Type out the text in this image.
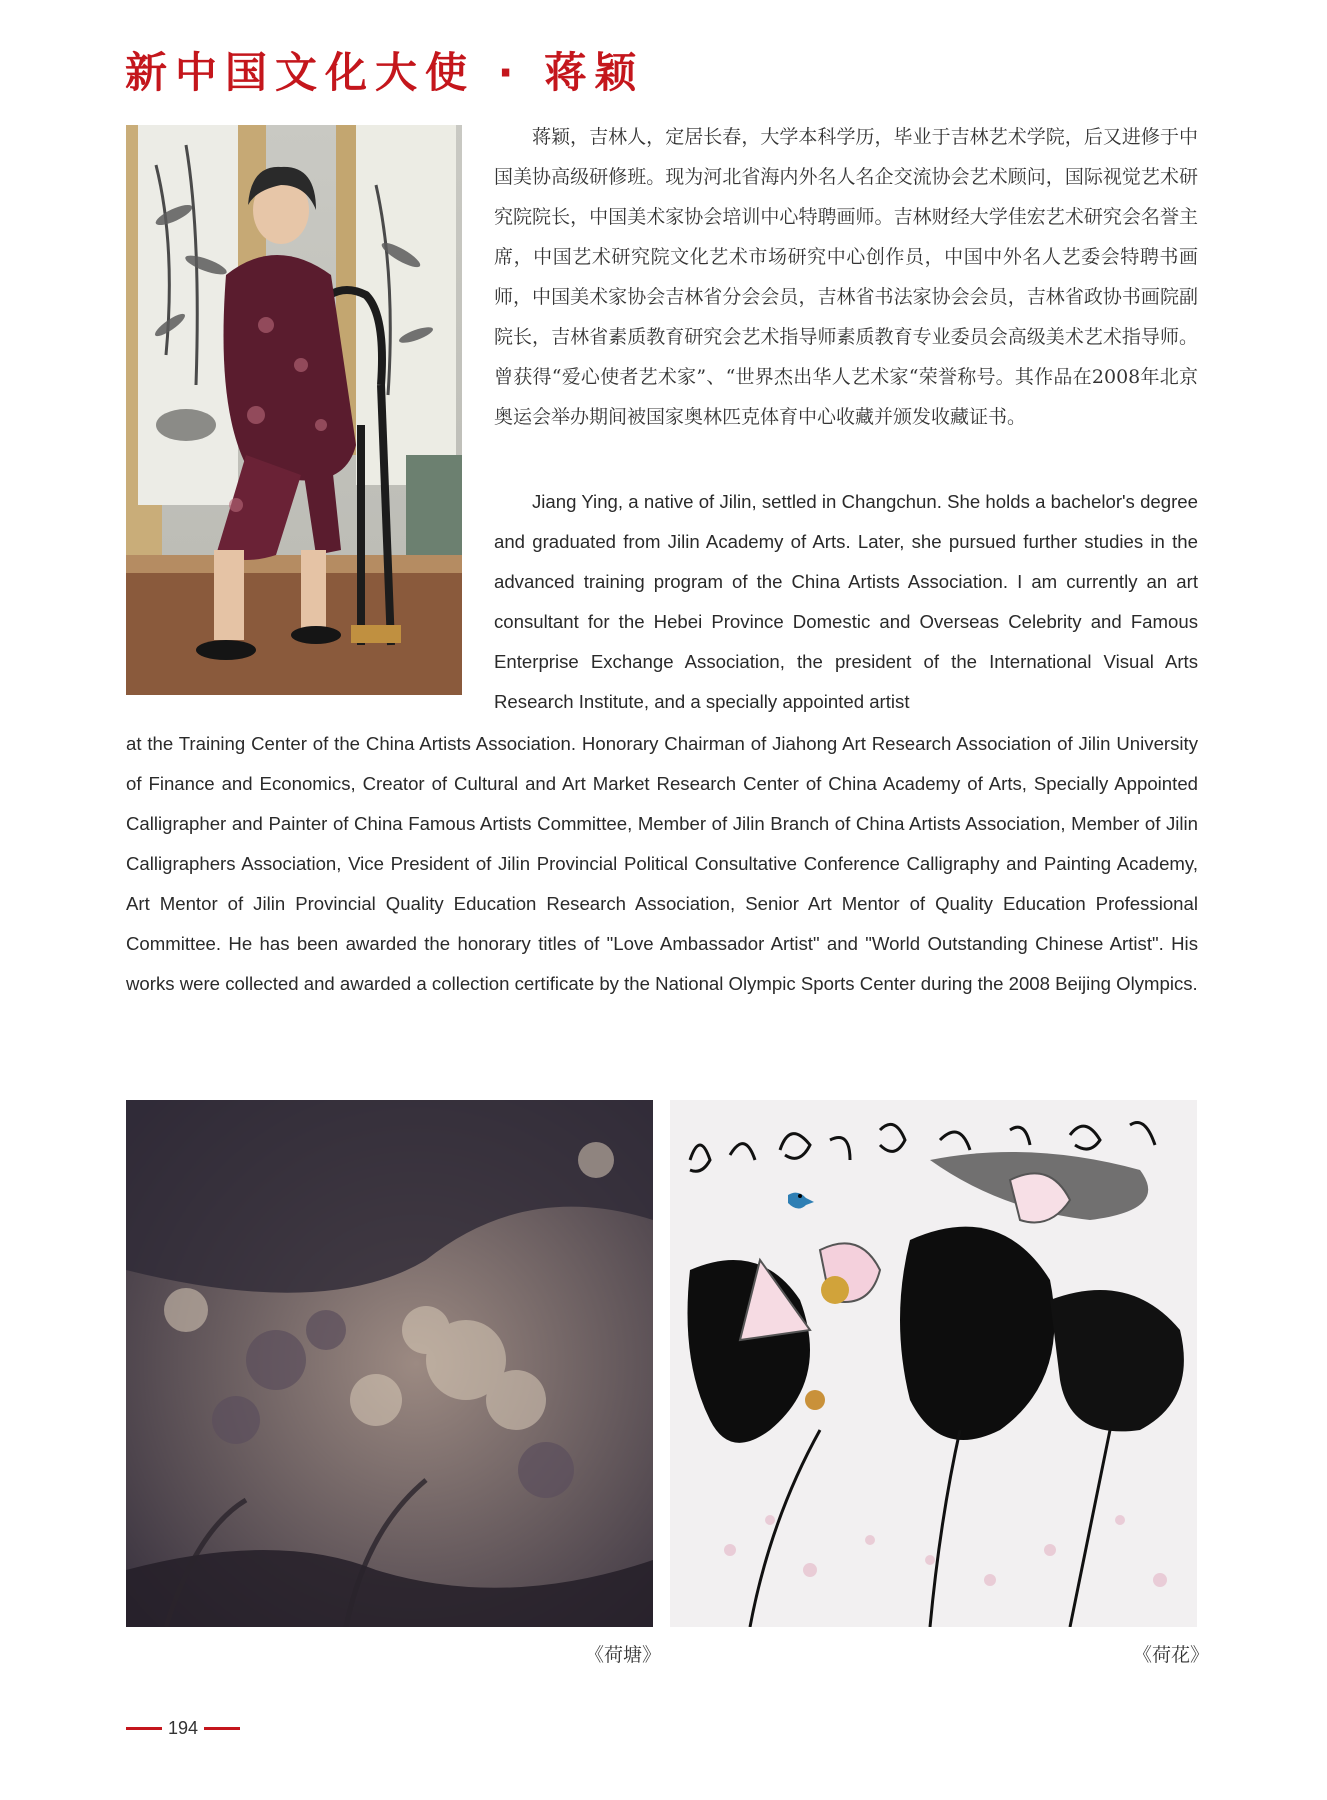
新中国文化大使 · 蒋颖

蒋颖，吉林人，定居长春，大学本科学历，毕业于吉林艺术学院，后又进修于中国美协高级研修班。现为河北省海内外名人名企交流协会艺术顾问，国际视觉艺术研究院院长，中国美术家协会培训中心特聘画师。吉林财经大学佳宏艺术研究会名誉主席，中国艺术研究院文化艺术市场研究中心创作员，中国中外名人艺委会特聘书画师，中国美术家协会吉林省分会会员，吉林省书法家协会会员，吉林省政协书画院副院长，吉林省素质教育研究会艺术指导师素质教育专业委员会高级美术艺术指导师。曾获得“爱心使者艺术家”、“世界杰出华人艺术家“荣誉称号。其作品在2008年北京奥运会举办期间被国家奥林匹克体育中心收藏并颁发收藏证书。

Jiang Ying, a native of Jilin, settled in Changchun. She holds a bachelor's degree and graduated from Jilin Academy of Arts. Later, she pursued further studies in the advanced training program of the China Artists Association. I am currently an art consultant for the Hebei Province Domestic and Overseas Celebrity and Famous Enterprise Exchange Association, the president of the International Visual Arts Research Institute, and a specially appointed artist

at the Training Center of the China Artists Association. Honorary Chairman of Jiahong Art Research Association of Jilin University of Finance and Economics, Creator of Cultural and Art Market Research Center of China Academy of Arts, Specially Appointed Calligrapher and Painter of China Famous Artists Committee, Member of Jilin Branch of China Artists Association, Member of Jilin Calligraphers Association, Vice President of Jilin Provincial Political Consultative Conference Calligraphy and Painting Academy, Art Mentor of Jilin Provincial Quality Education Research Association, Senior Art Mentor of Quality Education Professional Committee. He has been awarded the honorary titles of "Love Ambassador Artist" and "World Outstanding Chinese Artist". His works were collected and awarded a collection certificate by the National Olympic Sports Center during the 2008 Beijing Olympics.

《荷塘》	《荷花》
194
